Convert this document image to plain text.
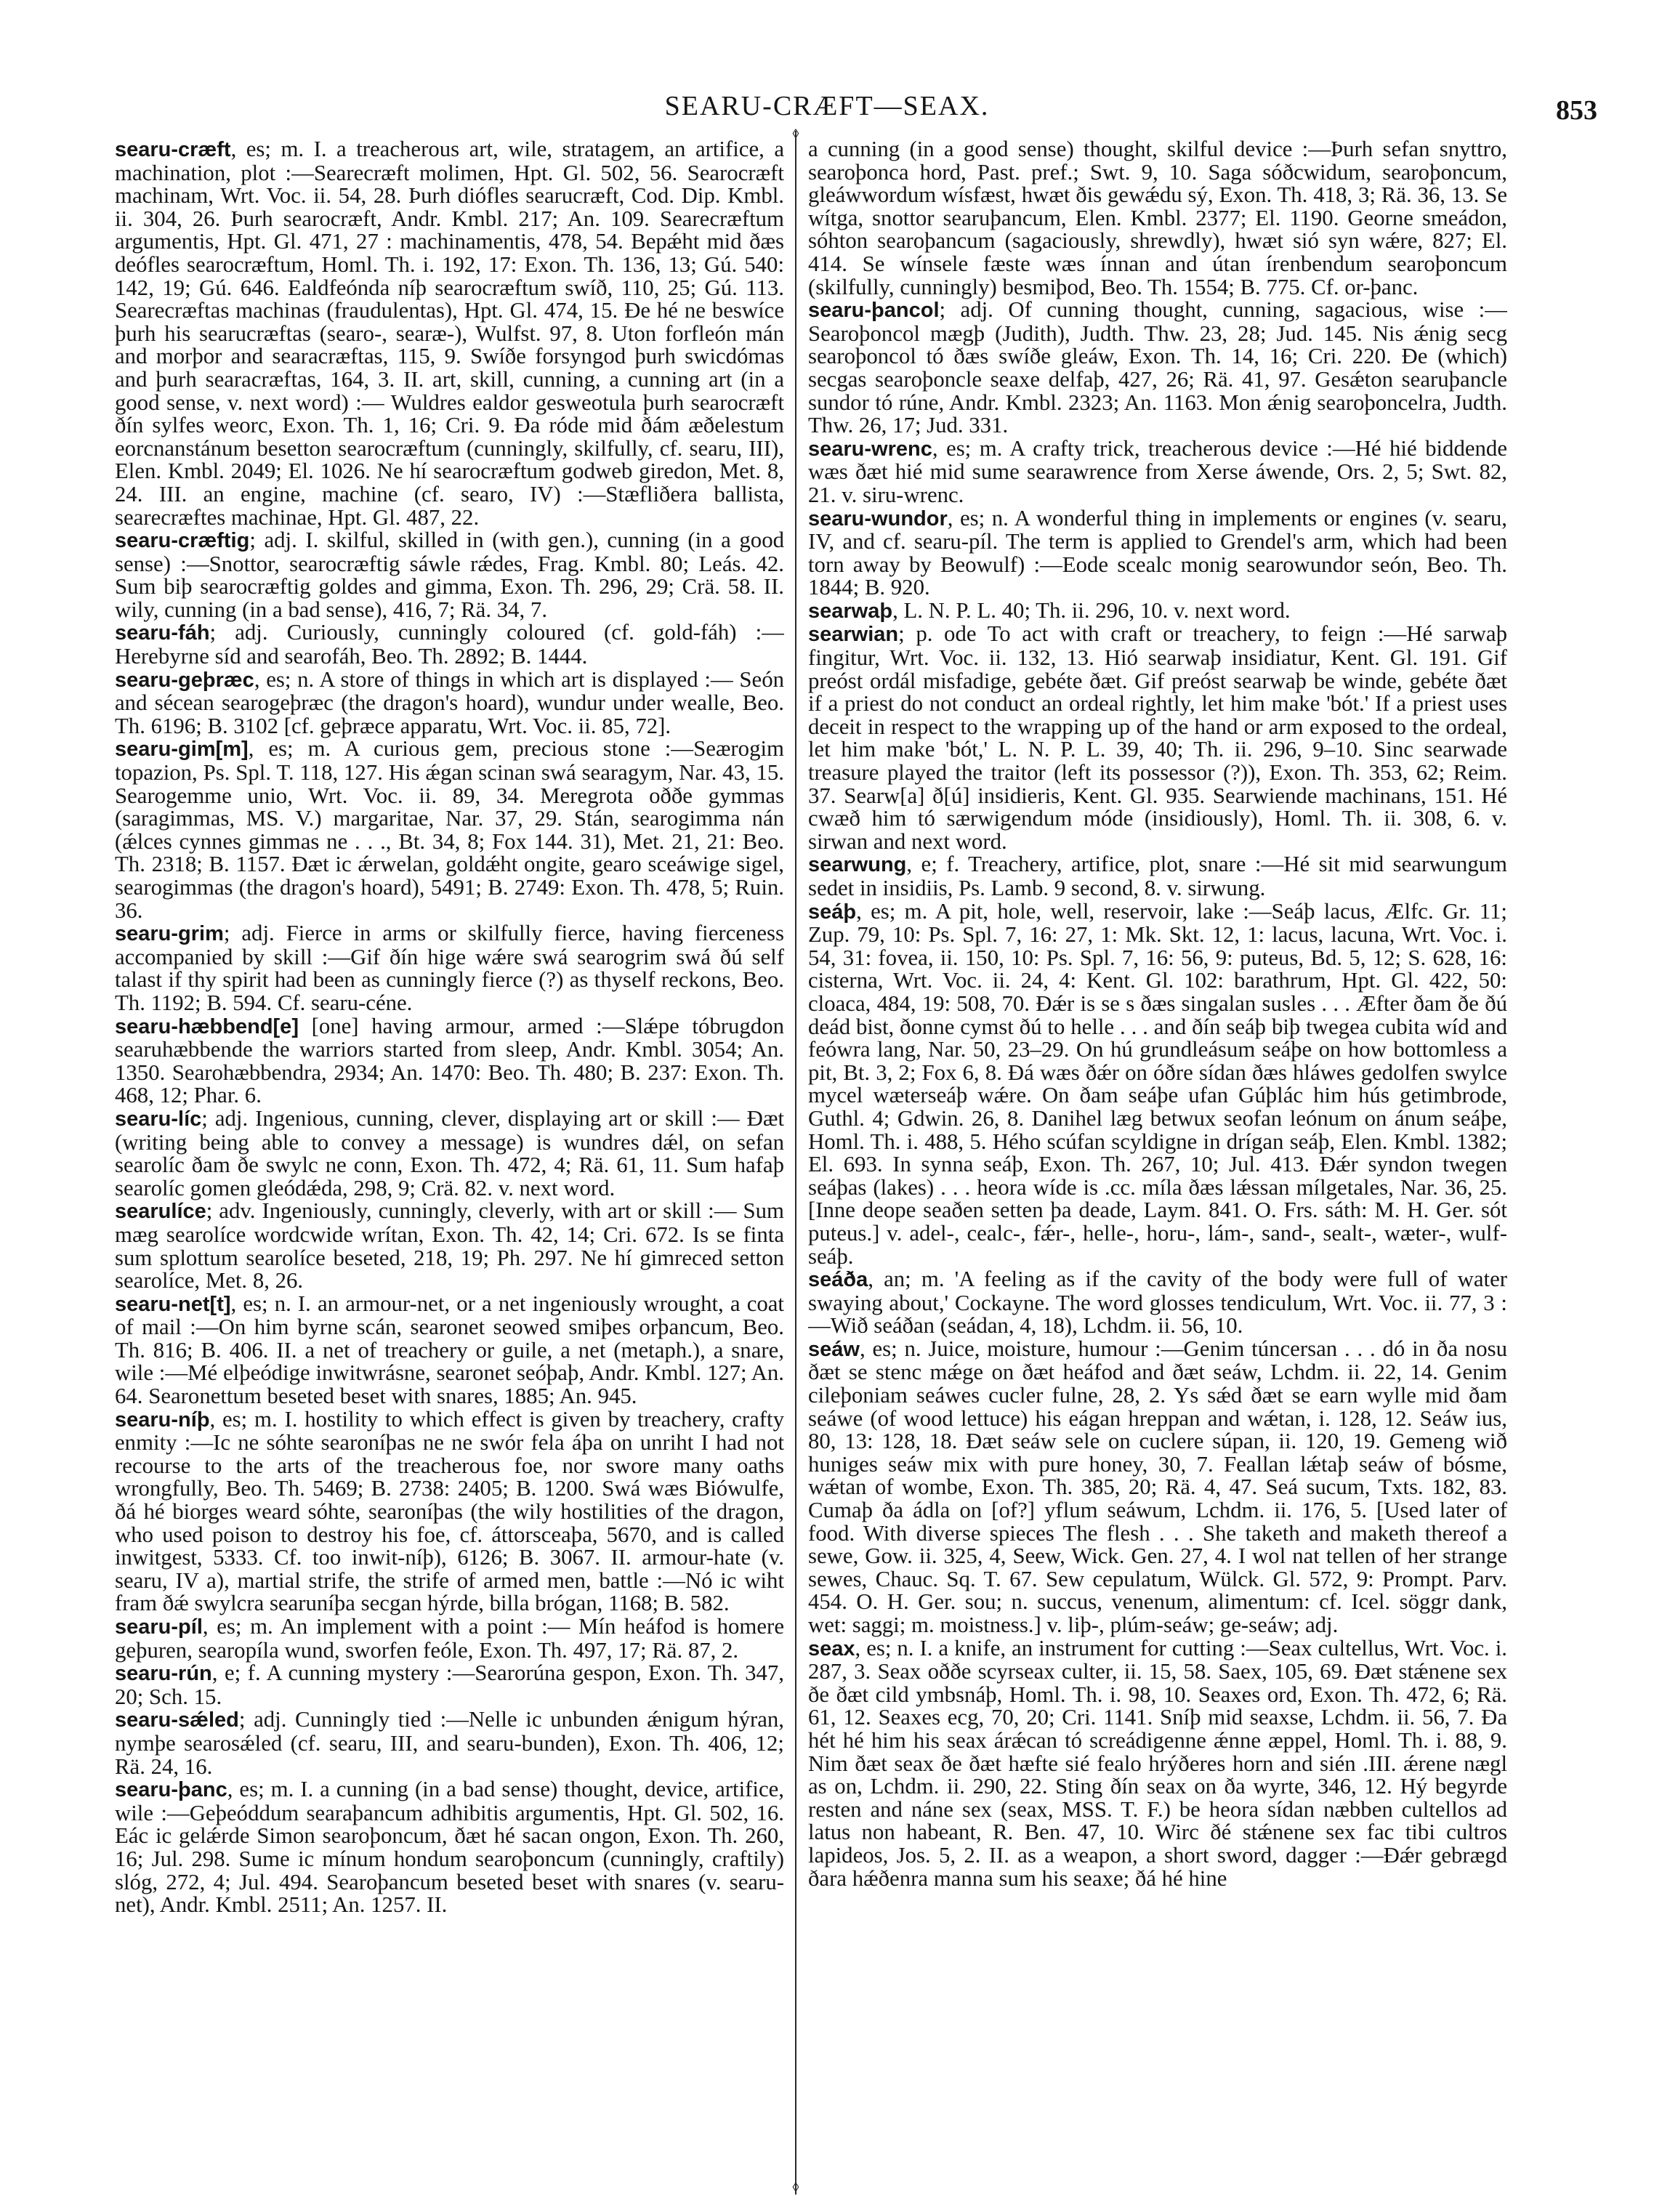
SEARU-CRÆFT—SEAX.	853
◊
◊

searu-cræft, es; m. I. a treacherous art, wile, stratagem, an artifice, a machination, plot :—Searecræft molimen, Hpt. Gl. 502, 56. Searocræft machinam, Wrt. Voc. ii. 54, 28. Þurh diófles searucræft, Cod. Dip. Kmbl. ii. 304, 26. Þurh searocræft, Andr. Kmbl. 217; An. 109. Searecræftum argumentis, Hpt. Gl. 471, 27 : machinamentis, 478, 54. Bepǽht mid ðæs deófles searocræftum, Homl. Th. i. 192, 17: Exon. Th. 136, 13; Gú. 540: 142, 19; Gú. 646. Ealdfeónda níþ searocræftum swíð, 110, 25; Gú. 113. Searecræftas machinas (fraudulentas), Hpt. Gl. 474, 15. Ðe hé ne beswíce þurh his searucræftas (searo-, searæ-), Wulfst. 97, 8. Uton forfleón mán and morþor and searacræftas, 115, 9. Swíðe forsyngod þurh swicdómas and þurh searacræftas, 164, 3. II. art, skill, cunning, a cunning art (in a good sense, v. next word) :— Wuldres ealdor gesweotula þurh searocræft ðín sylfes weorc, Exon. Th. 1, 16; Cri. 9. Ða róde mid ðám æðelestum eorcnanstánum besetton searocræftum (cunningly, skilfully, cf. searu, III), Elen. Kmbl. 2049; El. 1026. Ne hí searocræftum godweb giredon, Met. 8, 24. III. an engine, machine (cf. searo, IV) :—Stæfliðera ballista, searecræftes machinae, Hpt. Gl. 487, 22.

searu-cræftig; adj. I. skilful, skilled in (with gen.), cunning (in a good sense) :—Snottor, searocræftig sáwle rǽdes, Frag. Kmbl. 80; Leás. 42. Sum biþ searocræftig goldes and gimma, Exon. Th. 296, 29; Crä. 58. II. wily, cunning (in a bad sense), 416, 7; Rä. 34, 7.

searu-fáh; adj. Curiously, cunningly coloured (cf. gold-fáh) :— Herebyrne síd and searofáh, Beo. Th. 2892; B. 1444.

searu-geþræc, es; n. A store of things in which art is displayed :— Seón and sécean searogeþræc (the dragon's hoard), wundur under wealle, Beo. Th. 6196; B. 3102 [cf. geþræce apparatu, Wrt. Voc. ii. 85, 72].

searu-gim[m], es; m. A curious gem, precious stone :—Seærogim topazion, Ps. Spl. T. 118, 127. His ǽgan scinan swá searagym, Nar. 43, 15. Searogemme unio, Wrt. Voc. ii. 89, 34. Meregrota oððe gymmas (saragimmas, MS. V.) margaritae, Nar. 37, 29. Stán, searogimma nán (ǽlces cynnes gimmas ne . . ., Bt. 34, 8; Fox 144. 31), Met. 21, 21: Beo. Th. 2318; B. 1157. Ðæt ic ǽrwelan, goldǽht ongite, gearo sceáwige sigel, searogimmas (the dragon's hoard), 5491; B. 2749: Exon. Th. 478, 5; Ruin. 36.

searu-grim; adj. Fierce in arms or skilfully fierce, having fierceness accompanied by skill :—Gif ðín hige wǽre swá searogrim swá ðú self talast if thy spirit had been as cunningly fierce (?) as thyself reckons, Beo. Th. 1192; B. 594. Cf. searu-céne.

searu-hæbbend[e] [one] having armour, armed :—Slǽpe tóbrugdon searuhæbbende the warriors started from sleep, Andr. Kmbl. 3054; An. 1350. Searohæbbendra, 2934; An. 1470: Beo. Th. 480; B. 237: Exon. Th. 468, 12; Phar. 6.

searu-líc; adj. Ingenious, cunning, clever, displaying art or skill :— Ðæt (writing being able to convey a message) is wundres dǽl, on sefan searolíc ðam ðe swylc ne conn, Exon. Th. 472, 4; Rä. 61, 11. Sum hafaþ searolíc gomen gleódǽda, 298, 9; Crä. 82. v. next word.

searulíce; adv. Ingeniously, cunningly, cleverly, with art or skill :— Sum mæg searolíce wordcwide wrítan, Exon. Th. 42, 14; Cri. 672. Is se finta sum splottum searolíce beseted, 218, 19; Ph. 297. Ne hí gimreced setton searolíce, Met. 8, 26.

searu-net[t], es; n. I. an armour-net, or a net ingeniously wrought, a coat of mail :—On him byrne scán, searonet seowed smiþes orþancum, Beo. Th. 816; B. 406. II. a net of treachery or guile, a net (metaph.), a snare, wile :—Mé elþeódige inwitwrásne, searonet seóþaþ, Andr. Kmbl. 127; An. 64. Searonettum beseted beset with snares, 1885; An. 945.

searu-níþ, es; m. I. hostility to which effect is given by treachery, crafty enmity :—Ic ne sóhte searoníþas ne ne swór fela áþa on unriht I had not recourse to the arts of the treacherous foe, nor swore many oaths wrongfully, Beo. Th. 5469; B. 2738: 2405; B. 1200. Swá wæs Biówulfe, ðá hé biorges weard sóhte, searoníþas (the wily hostilities of the dragon, who used poison to destroy his foe, cf. áttorsceaþa, 5670, and is called inwitgest, 5333. Cf. too inwit-níþ), 6126; B. 3067. II. armour-hate (v. searu, IV a), martial strife, the strife of armed men, battle :—Nó ic wiht fram ðǽ swylcra searuníþa secgan hýrde, billa brógan, 1168; B. 582.

searu-píl, es; m. An implement with a point :— Mín heáfod is homere geþuren, searopíla wund, sworfen feóle, Exon. Th. 497, 17; Rä. 87, 2.

searu-rún, e; f. A cunning mystery :—Searorúna gespon, Exon. Th. 347, 20; Sch. 15.

searu-sǽled; adj. Cunningly tied :—Nelle ic unbunden ǽnigum hýran, nymþe searosǽled (cf. searu, III, and searu-bunden), Exon. Th. 406, 12; Rä. 24, 16.

searu-þanc, es; m. I. a cunning (in a bad sense) thought, device, artifice, wile :—Geþeóddum searaþancum adhibitis argumentis, Hpt. Gl. 502, 16. Eác ic gelǽrde Simon searoþoncum, ðæt hé sacan ongon, Exon. Th. 260, 16; Jul. 298. Sume ic mínum hondum searoþoncum (cunningly, craftily) slóg, 272, 4; Jul. 494. Searoþancum beseted beset with snares (v. searu-net), Andr. Kmbl. 2511; An. 1257. II.

a cunning (in a good sense) thought, skilful device :—Þurh sefan snyttro, searoþonca hord, Past. pref.; Swt. 9, 10. Saga sóðcwidum, searoþoncum, gleáwwordum wísfæst, hwæt ðis gewǽdu sý, Exon. Th. 418, 3; Rä. 36, 13. Se wítga, snottor searuþancum, Elen. Kmbl. 2377; El. 1190. Georne smeádon, sóhton searoþancum (sagaciously, shrewdly), hwæt sió syn wǽre, 827; El. 414. Se wínsele fæste wæs ínnan and útan írenbendum searoþoncum (skilfully, cunningly) besmiþod, Beo. Th. 1554; B. 775. Cf. or-þanc.

searu-þancol; adj. Of cunning thought, cunning, sagacious, wise :— Searoþoncol mægþ (Judith), Judth. Thw. 23, 28; Jud. 145. Nis ǽnig secg searoþoncol tó ðæs swíðe gleáw, Exon. Th. 14, 16; Cri. 220. Ðe (which) secgas searoþoncle seaxe delfaþ, 427, 26; Rä. 41, 97. Gesǽton searuþancle sundor tó rúne, Andr. Kmbl. 2323; An. 1163. Mon ǽnig searoþoncelra, Judth. Thw. 26, 17; Jud. 331.

searu-wrenc, es; m. A crafty trick, treacherous device :—Hé hié biddende wæs ðæt hié mid sume searawrence from Xerse áwende, Ors. 2, 5; Swt. 82, 21. v. siru-wrenc.

searu-wundor, es; n. A wonderful thing in implements or engines (v. searu, IV, and cf. searu-píl. The term is applied to Grendel's arm, which had been torn away by Beowulf) :—Eode scealc monig searowundor seón, Beo. Th. 1844; B. 920.

searwaþ, L. N. P. L. 40; Th. ii. 296, 10. v. next word.

searwian; p. ode To act with craft or treachery, to feign :—Hé sarwaþ fingitur, Wrt. Voc. ii. 132, 13. Hió searwaþ insidiatur, Kent. Gl. 191. Gif preóst ordál misfadige, gebéte ðæt. Gif preóst searwaþ be winde, gebéte ðæt if a priest do not conduct an ordeal rightly, let him make 'bót.' If a priest uses deceit in respect to the wrapping up of the hand or arm exposed to the ordeal, let him make 'bót,' L. N. P. L. 39, 40; Th. ii. 296, 9–10. Sinc searwade treasure played the traitor (left its possessor (?)), Exon. Th. 353, 62; Reim. 37. Searw[a] ð[ú] insidieris, Kent. Gl. 935. Searwiende machinans, 151. Hé cwæð him tó særwigendum móde (insidiously), Homl. Th. ii. 308, 6. v. sirwan and next word.

searwung, e; f. Treachery, artifice, plot, snare :—Hé sit mid searwungum sedet in insidiis, Ps. Lamb. 9 second, 8. v. sirwung.

seáþ, es; m. A pit, hole, well, reservoir, lake :—Seáþ lacus, Ælfc. Gr. 11; Zup. 79, 10: Ps. Spl. 7, 16: 27, 1: Mk. Skt. 12, 1: lacus, lacuna, Wrt. Voc. i. 54, 31: fovea, ii. 150, 10: Ps. Spl. 7, 16: 56, 9: puteus, Bd. 5, 12; S. 628, 16: cisterna, Wrt. Voc. ii. 24, 4: Kent. Gl. 102: barathrum, Hpt. Gl. 422, 50: cloaca, 484, 19: 508, 70. Ðǽr is se s ðæs singalan susles . . . Æfter ðam ðe ðú deád bist, ðonne cymst ðú to helle . . . and ðín seáþ biþ twegea cubita wíd and feówra lang, Nar. 50, 23–29. On hú grundleásum seáþe on how bottomless a pit, Bt. 3, 2; Fox 6, 8. Ðá wæs ðǽr on óðre sídan ðæs hláwes gedolfen swylce mycel wæterseáþ wǽre. On ðam seáþe ufan Gúþlác him hús getimbrode, Guthl. 4; Gdwin. 26, 8. Danihel læg betwux seofan leónum on ánum seáþe, Homl. Th. i. 488, 5. Hého scúfan scyldigne in drígan seáþ, Elen. Kmbl. 1382; El. 693. In synna seáþ, Exon. Th. 267, 10; Jul. 413. Ðǽr syndon twegen seáþas (lakes) . . . heora wíde is .cc. míla ðæs lǽssan mílgetales, Nar. 36, 25. [Inne deope seaðen setten þa deade, Laym. 841. O. Frs. sáth: M. H. Ger. sót puteus.] v. adel-, cealc-, fǽr-, helle-, horu-, lám-, sand-, sealt-, wæter-, wulf-seáþ.

seáða, an; m. 'A feeling as if the cavity of the body were full of water swaying about,' Cockayne. The word glosses tendiculum, Wrt. Voc. ii. 77, 3 :—Wið seáðan (seádan, 4, 18), Lchdm. ii. 56, 10.

seáw, es; n. Juice, moisture, humour :—Genim túncersan . . . dó in ða nosu ðæt se stenc mǽge on ðæt heáfod and ðæt seáw, Lchdm. ii. 22, 14. Genim cileþoniam seáwes cucler fulne, 28, 2. Ys sǽd ðæt se earn wylle mid ðam seáwe (of wood lettuce) his eágan hreppan and wǽtan, i. 128, 12. Seáw ius, 80, 13: 128, 18. Ðæt seáw sele on cuclere súpan, ii. 120, 19. Gemeng wið huniges seáw mix with pure honey, 30, 7. Feallan lǽtaþ seáw of bósme, wǽtan of wombe, Exon. Th. 385, 20; Rä. 4, 47. Seá sucum, Txts. 182, 83. Cumaþ ða ádla on [of?] yflum seáwum, Lchdm. ii. 176, 5. [Used later of food. With diverse spieces The flesh . . . She taketh and maketh thereof a sewe, Gow. ii. 325, 4, Seew, Wick. Gen. 27, 4. I wol nat tellen of her strange sewes, Chauc. Sq. T. 67. Sew cepulatum, Wülck. Gl. 572, 9: Prompt. Parv. 454. O. H. Ger. sou; n. succus, venenum, alimentum: cf. Icel. söggr dank, wet: saggi; m. moistness.] v. liþ-, plúm-seáw; ge-seáw; adj.

seax, es; n. I. a knife, an instrument for cutting :—Seax cultellus, Wrt. Voc. i. 287, 3. Seax oððe scyrseax culter, ii. 15, 58. Saex, 105, 69. Ðæt stǽnene sex ðe ðæt cild ymbsnáþ, Homl. Th. i. 98, 10. Seaxes ord, Exon. Th. 472, 6; Rä. 61, 12. Seaxes ecg, 70, 20; Cri. 1141. Sníþ mid seaxse, Lchdm. ii. 56, 7. Ða hét hé him his seax árǽcan tó screádigenne ǽnne æppel, Homl. Th. i. 88, 9. Nim ðæt seax ðe ðæt hæfte sié fealo hrýðeres horn and sién .III. ǽrene nægl as on, Lchdm. ii. 290, 22. Sting ðín seax on ða wyrte, 346, 12. Hý begyrde resten and náne sex (seax, MSS. T. F.) be heora sídan næbben cultellos ad latus non habeant, R. Ben. 47, 10. Wirc ðé stǽnene sex fac tibi cultros lapideos, Jos. 5, 2. II. as a weapon, a short sword, dagger :—Ðǽr gebrægd ðara hǽðenra manna sum his seaxe; ðá hé hine
